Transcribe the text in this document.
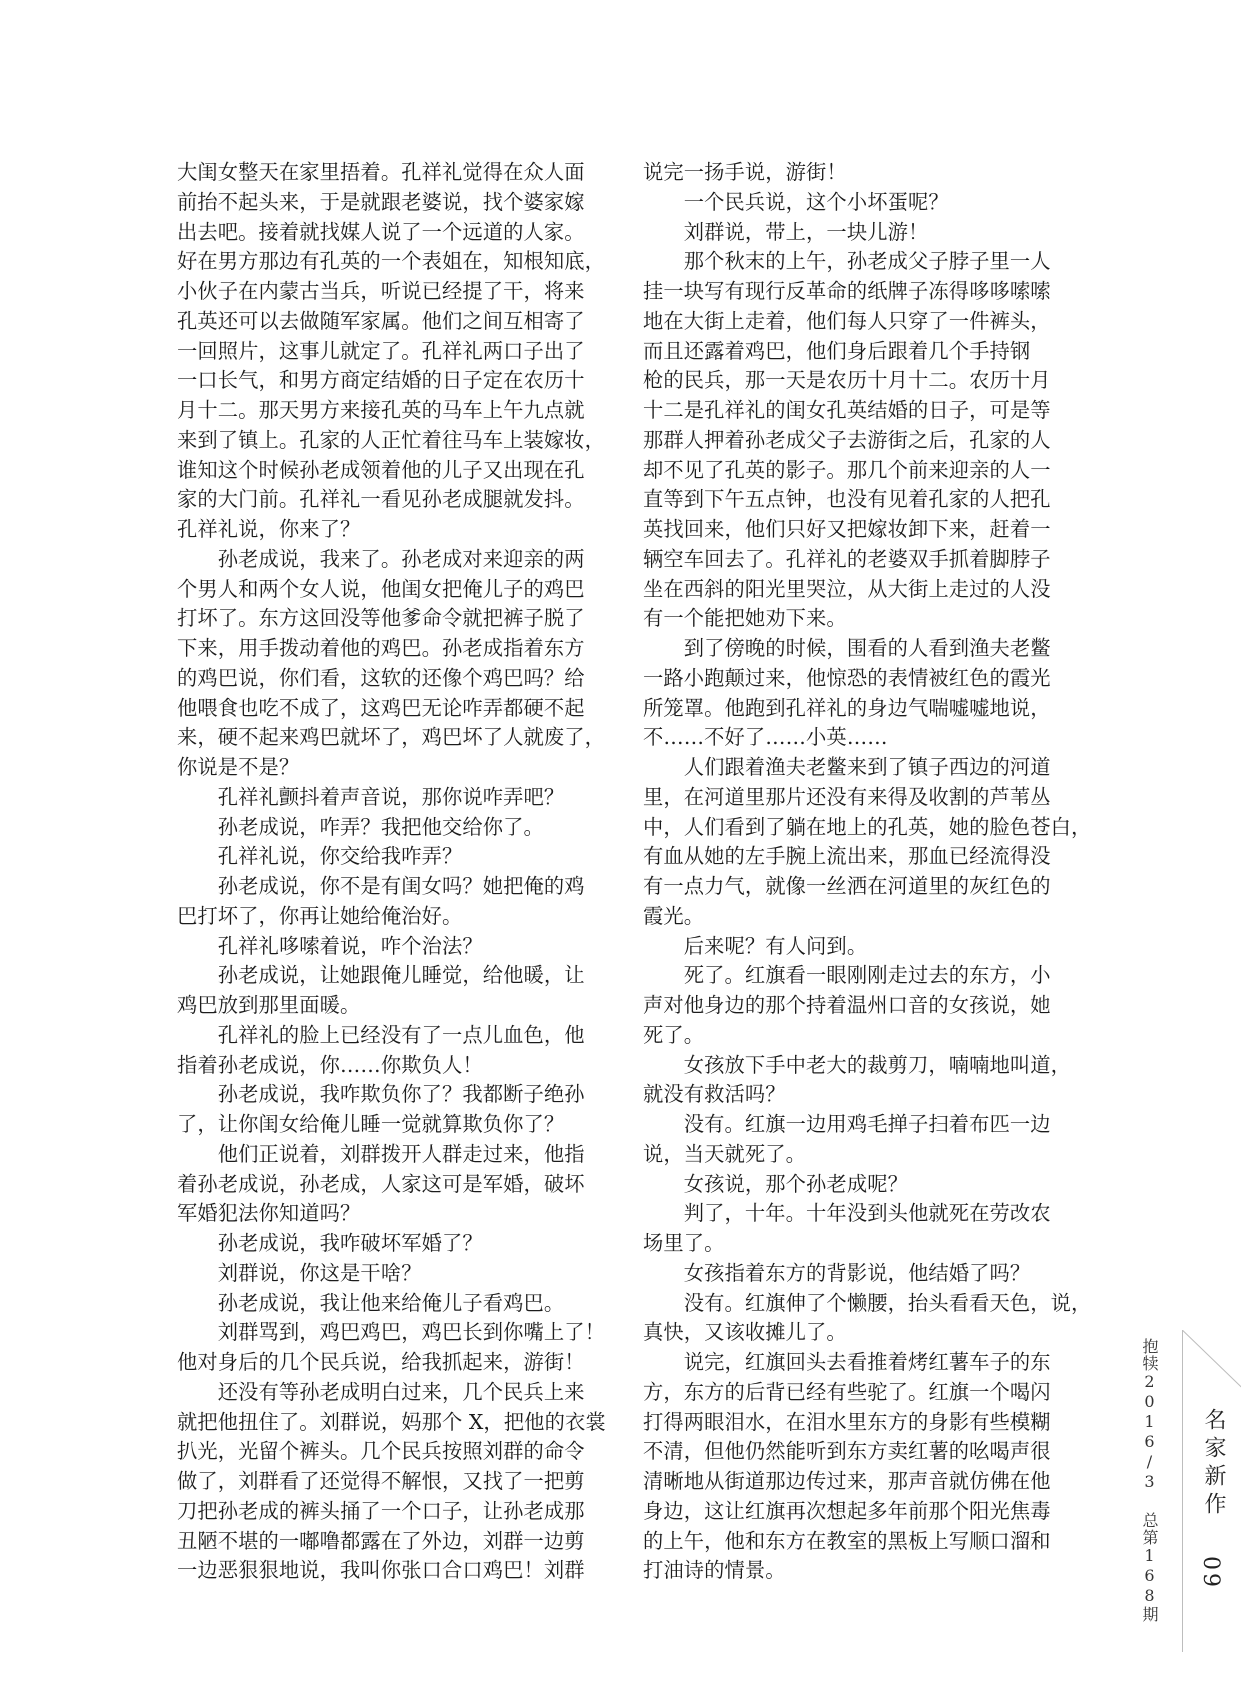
大闺女整天在家里捂着。孔祥礼觉得在众人面
前抬不起头来，于是就跟老婆说，找个婆家嫁
出去吧。接着就找媒人说了一个远道的人家。
好在男方那边有孔英的一个表姐在，知根知底，
小伙子在内蒙古当兵，听说已经提了干，将来
孔英还可以去做随军家属。他们之间互相寄了
一回照片，这事儿就定了。孔祥礼两口子出了
一口长气，和男方商定结婚的日子定在农历十
月十二。那天男方来接孔英的马车上午九点就
来到了镇上。孔家的人正忙着往马车上装嫁妆，
谁知这个时候孙老成领着他的儿子又出现在孔
家的大门前。孔祥礼一看见孙老成腿就发抖。
孔祥礼说，你来了？
　　孙老成说，我来了。孙老成对来迎亲的两
个男人和两个女人说，他闺女把俺儿子的鸡巴
打坏了。东方这回没等他爹命令就把裤子脱了
下来，用手拨动着他的鸡巴。孙老成指着东方
的鸡巴说，你们看，这软的还像个鸡巴吗？给
他喂食也吃不成了，这鸡巴无论咋弄都硬不起
来，硬不起来鸡巴就坏了，鸡巴坏了人就废了，
你说是不是？
　　孔祥礼颤抖着声音说，那你说咋弄吧？
　　孙老成说，咋弄？我把他交给你了。
　　孔祥礼说，你交给我咋弄？
　　孙老成说，你不是有闺女吗？她把俺的鸡
巴打坏了，你再让她给俺治好。
　　孔祥礼哆嗦着说，咋个治法？
　　孙老成说，让她跟俺儿睡觉，给他暖，让
鸡巴放到那里面暖。
　　孔祥礼的脸上已经没有了一点儿血色，他
指着孙老成说，你……你欺负人！
　　孙老成说，我咋欺负你了？我都断子绝孙
了，让你闺女给俺儿睡一觉就算欺负你了？
　　他们正说着，刘群拨开人群走过来，他指
着孙老成说，孙老成，人家这可是军婚，破坏
军婚犯法你知道吗？
　　孙老成说，我咋破坏军婚了？
　　刘群说，你这是干啥？
　　孙老成说，我让他来给俺儿子看鸡巴。
　　刘群骂到，鸡巴鸡巴，鸡巴长到你嘴上了！
他对身后的几个民兵说，给我抓起来，游街！
　　还没有等孙老成明白过来，几个民兵上来
就把他扭住了。刘群说，妈那个 X，把他的衣裳
扒光，光留个裤头。几个民兵按照刘群的命令
做了，刘群看了还觉得不解恨，又找了一把剪
刀把孙老成的裤头捅了一个口子，让孙老成那
丑陋不堪的一嘟噜都露在了外边，刘群一边剪
一边恶狠狠地说，我叫你张口合口鸡巴！刘群
说完一扬手说，游街！
　　一个民兵说，这个小坏蛋呢？
　　刘群说，带上，一块儿游！
　　那个秋末的上午，孙老成父子脖子里一人
挂一块写有现行反革命的纸牌子冻得哆哆嗦嗦
地在大街上走着，他们每人只穿了一件裤头，
而且还露着鸡巴，他们身后跟着几个手持钢
枪的民兵，那一天是农历十月十二。农历十月
十二是孔祥礼的闺女孔英结婚的日子，可是等
那群人押着孙老成父子去游街之后，孔家的人
却不见了孔英的影子。那几个前来迎亲的人一
直等到下午五点钟，也没有见着孔家的人把孔
英找回来，他们只好又把嫁妆卸下来，赶着一
辆空车回去了。孔祥礼的老婆双手抓着脚脖子
坐在西斜的阳光里哭泣，从大街上走过的人没
有一个能把她劝下来。
　　到了傍晚的时候，围看的人看到渔夫老鳖
一路小跑颠过来，他惊恐的表情被红色的霞光
所笼罩。他跑到孔祥礼的身边气喘嘘嘘地说，
不……不好了……小英……
　　人们跟着渔夫老鳖来到了镇子西边的河道
里，在河道里那片还没有来得及收割的芦苇丛
中，人们看到了躺在地上的孔英，她的脸色苍白，
有血从她的左手腕上流出来，那血已经流得没
有一点力气，就像一丝洒在河道里的灰红色的
霞光。
　　后来呢？有人问到。
　　死了。红旗看一眼刚刚走过去的东方，小
声对他身边的那个持着温州口音的女孩说，她
死了。
　　女孩放下手中老大的裁剪刀，喃喃地叫道，
就没有救活吗？
　　没有。红旗一边用鸡毛掸子扫着布匹一边
说，当天就死了。
　　女孩说，那个孙老成呢？
　　判了，十年。十年没到头他就死在劳改农
场里了。
　　女孩指着东方的背影说，他结婚了吗？
　　没有。红旗伸了个懒腰，抬头看看天色，说，
真快，又该收摊儿了。
　　说完，红旗回头去看推着烤红薯车子的东
方，东方的后背已经有些驼了。红旗一个喝闪
打得两眼泪水，在泪水里东方的身影有些模糊
不清，但他仍然能听到东方卖红薯的吆喝声很
清晰地从街道那边传过来，那声音就仿佛在他
身边，这让红旗再次想起多年前那个阳光焦毒
的上午，他和东方在教室的黑板上写顺口溜和
打油诗的情景。	抱犊2016/3 总第168期 名家新作
09
